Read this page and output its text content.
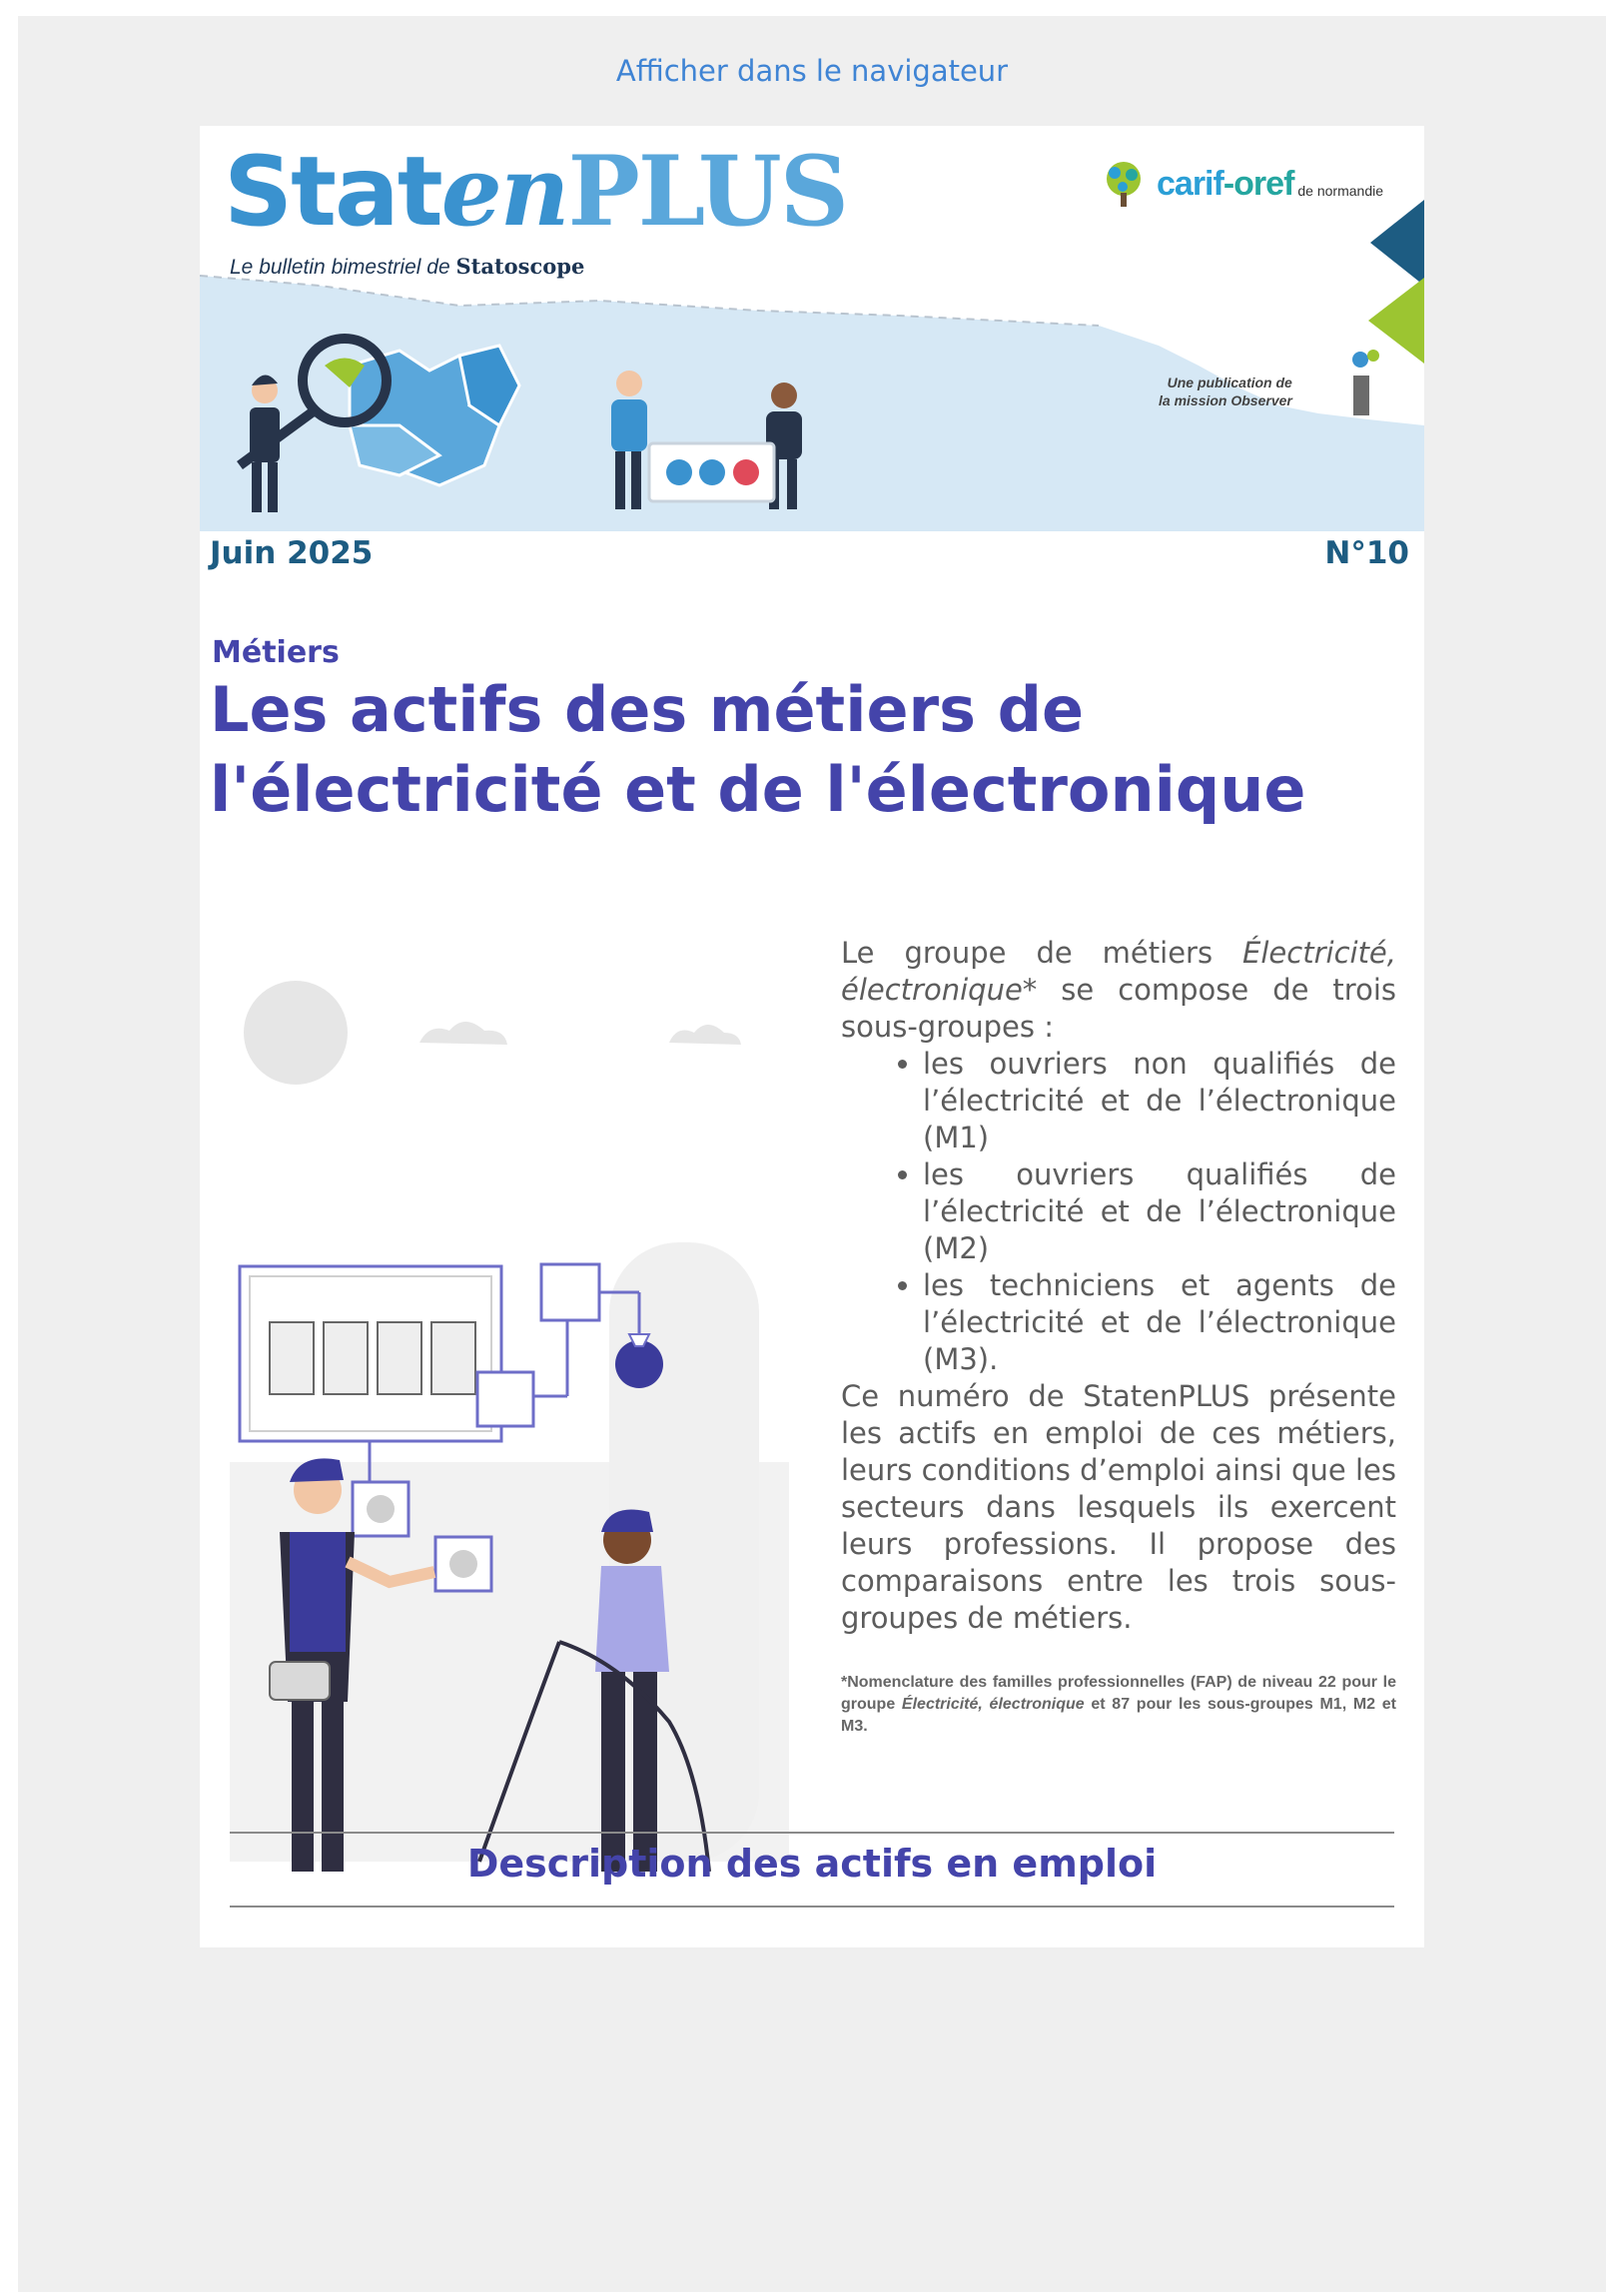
Afficher dans le navigateur
StatenPLUS
Le bulletin bimestriel de Statoscope
carif-oref de normandie
Une publication de
la mission Observer
Juin 2025	N°10
Métiers
Les actifs des métiers de l'électricité et de l'électronique

Le groupe de métiers Électricité, électronique* se compose de trois sous-groupes :

• les ouvriers non qualifiés de l’électricité et de l’électronique (M1)
• les ouvriers qualifiés de l’électricité et de l’électronique (M2)
• les techniciens et agents de l’électricité et de l’électronique (M3).

Ce numéro de StatenPLUS présente les actifs en emploi de ces métiers, leurs conditions d’emploi ainsi que les secteurs dans lesquels ils exercent leurs professions. Il propose des comparaisons entre les trois sous-groupes de métiers.

*Nomenclature des familles professionnelles (FAP) de niveau 22 pour le groupe Électricité, électronique et 87 pour les sous-groupes M1, M2 et M3.
Description des actifs en emploi
